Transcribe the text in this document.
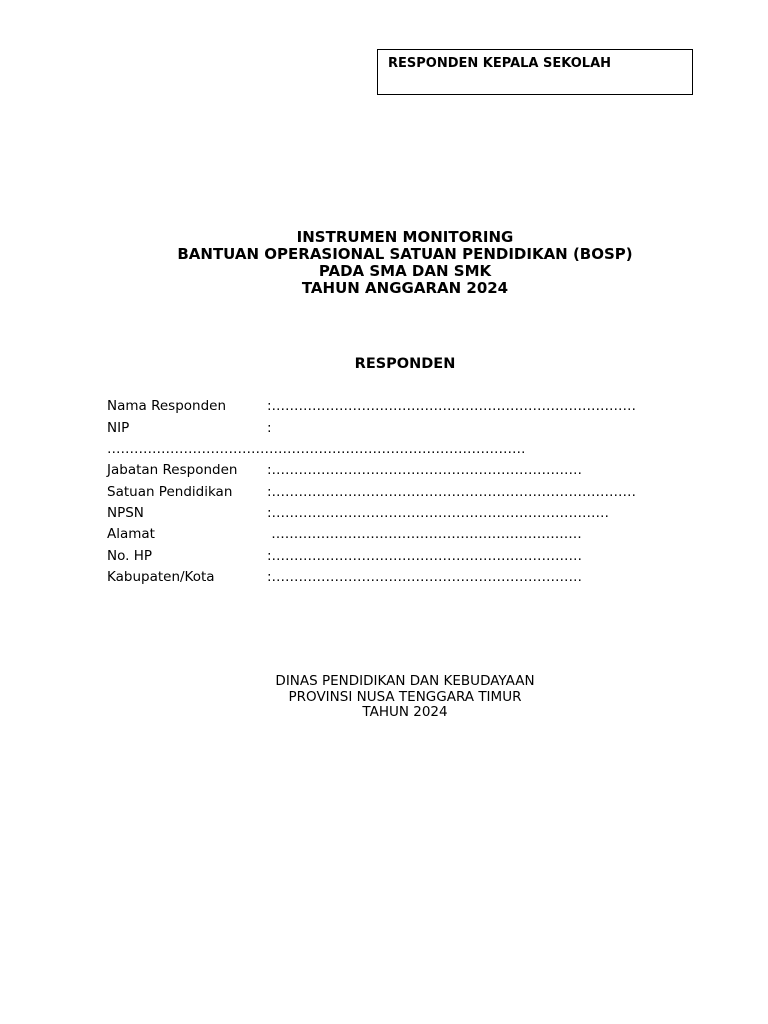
RESPONDEN KEPALA SEKOLAH
INSTRUMEN MONITORING
BANTUAN OPERASIONAL SATUAN PENDIDIKAN (BOSP)
PADA SMA DAN SMK
TAHUN ANGGARAN 2024
RESPONDEN
Nama Responden	:………………………………………………………………………
NIP	:
…………………………………………………………………………………
Jabatan Responden :……………………………………………………………
Satuan Pendidikan	:………………………………………………………………………
NPSN	:…………………………………………………………………
Alamat	……………………………………………………………
No. HP	:……………………………………………………………
Kabupaten/Kota	:……………………………………………………………
DINAS PENDIDIKAN DAN KEBUDAYAAN
PROVINSI NUSA TENGGARA TIMUR
TAHUN 2024
